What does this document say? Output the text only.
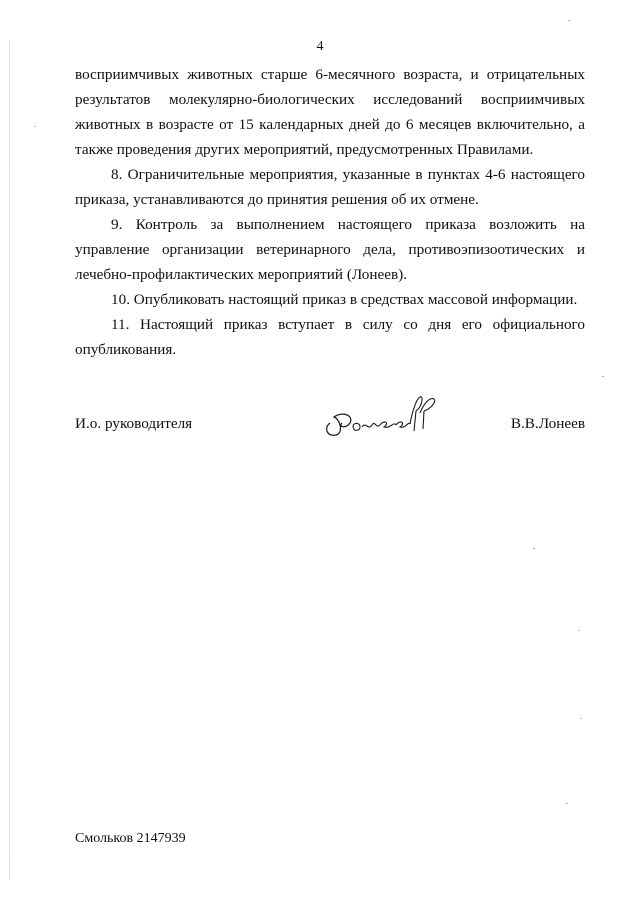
4

восприимчивых животных старше 6-месячного возраста, и отрицательных результатов молекулярно-биологических исследований восприимчивых животных в возрасте от 15 календарных дней до 6 месяцев включительно, а также проведения других мероприятий, предусмотренных Правилами.

8. Ограничительные мероприятия, указанные в пунктах 4-6 настоящего приказа, устанавливаются до принятия решения об их отмене.

9. Контроль за выполнением настоящего приказа возложить на управление организации ветеринарного дела, противоэпизоотических и лечебно-профилактических мероприятий (Лонеев).

10. Опубликовать настоящий приказ в средствах массовой информации.

11. Настоящий приказ вступает в силу со дня его официального опубликования.

И.о. руководителя	В.В.Лонеев
Смольков 2147939
